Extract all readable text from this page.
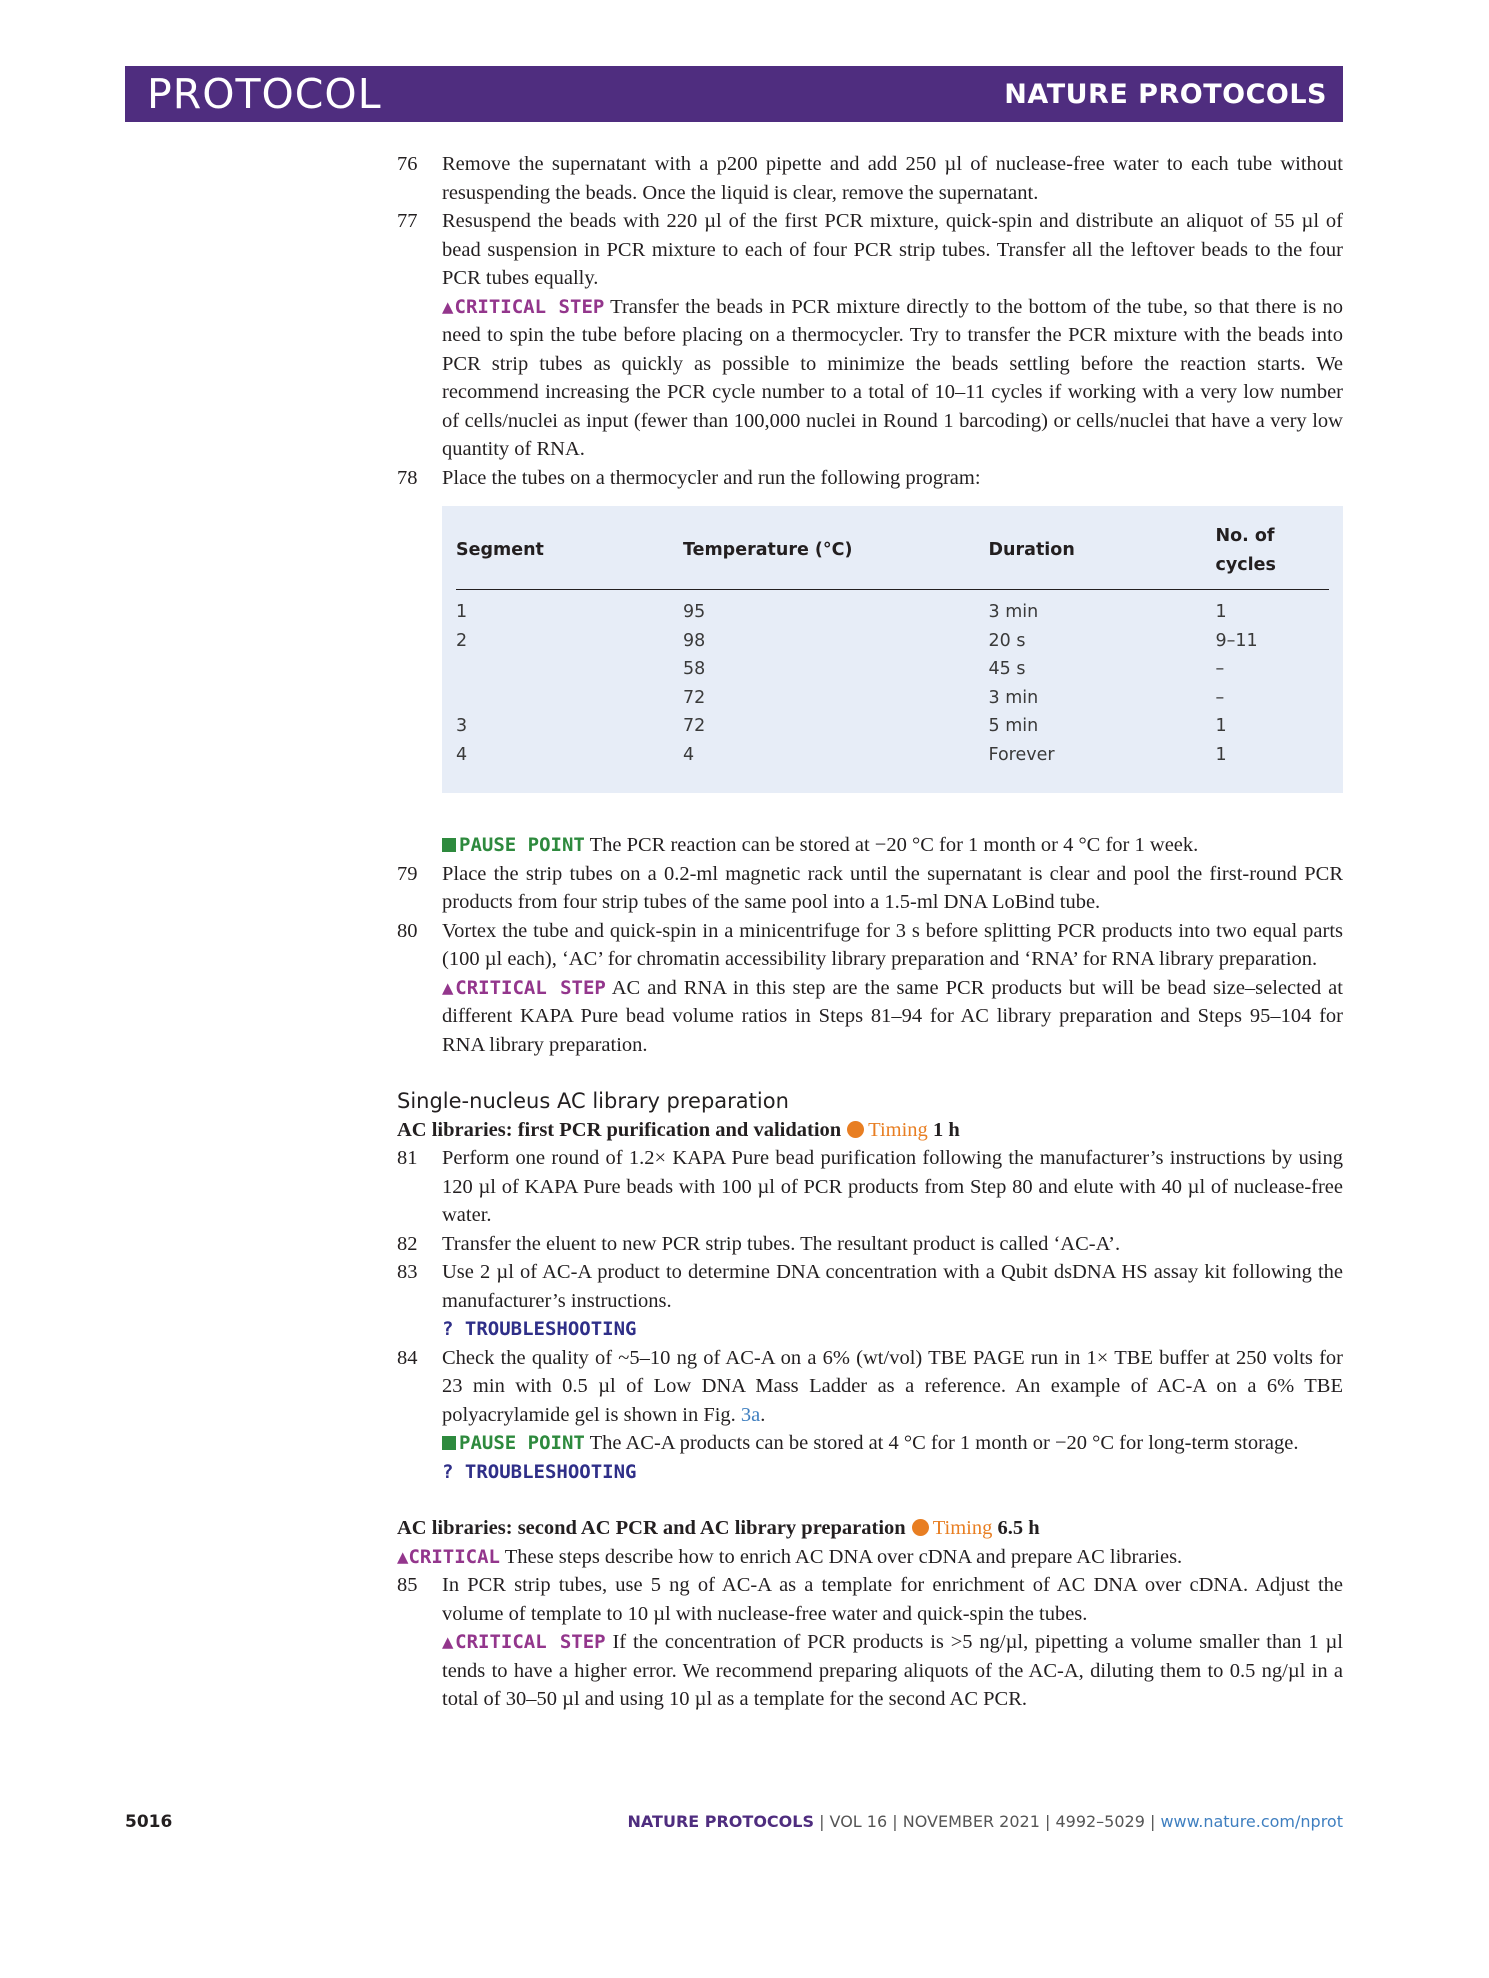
PROTOCOL	NATURE PROTOCOLS
76 Remove the supernatant with a p200 pipette and add 250 µl of nuclease-free water to each tube without resuspending the beads. Once the liquid is clear, remove the supernatant.
77 Resuspend the beads with 220 µl of the first PCR mixture, quick-spin and distribute an aliquot of 55 µl of bead suspension in PCR mixture to each of four PCR strip tubes. Transfer all the leftover beads to the four PCR tubes equally.
▲CRITICAL STEP Transfer the beads in PCR mixture directly to the bottom of the tube, so that there is no need to spin the tube before placing on a thermocycler. Try to transfer the PCR mixture with the beads into PCR strip tubes as quickly as possible to minimize the beads settling before the reaction starts. We recommend increasing the PCR cycle number to a total of 10–11 cycles if working with a very low number of cells/nuclei as input (fewer than 100,000 nuclei in Round 1 barcoding) or cells/nuclei that have a very low quantity of RNA.
78 Place the tubes on a thermocycler and run the following program:
Segment	Temperature (°C)	Duration	No. of cycles
1	95	3 min	1
2	98	20 s	9–11
	58	45 s	–
	72	3 min	–
3	72	5 min	1
4	4	Forever	1
PAUSE POINT The PCR reaction can be stored at −20 °C for 1 month or 4 °C for 1 week.
79 Place the strip tubes on a 0.2-ml magnetic rack until the supernatant is clear and pool the first-round PCR products from four strip tubes of the same pool into a 1.5-ml DNA LoBind tube.
80 Vortex the tube and quick-spin in a minicentrifuge for 3 s before splitting PCR products into two equal parts (100 µl each), ‘AC’ for chromatin accessibility library preparation and ‘RNA’ for RNA library preparation.
▲CRITICAL STEP AC and RNA in this step are the same PCR products but will be bead size–selected at different KAPA Pure bead volume ratios in Steps 81–94 for AC library preparation and Steps 95–104 for RNA library preparation.
Single-nucleus AC library preparation
AC libraries: first PCR purification and validation Timing 1 h
81 Perform one round of 1.2× KAPA Pure bead purification following the manufacturer’s instructions by using 120 µl of KAPA Pure beads with 100 µl of PCR products from Step 80 and elute with 40 µl of nuclease-free water.
82 Transfer the eluent to new PCR strip tubes. The resultant product is called ‘AC-A’.
83 Use 2 µl of AC-A product to determine DNA concentration with a Qubit dsDNA HS assay kit following the manufacturer’s instructions.
? TROUBLESHOOTING
84 Check the quality of ~5–10 ng of AC-A on a 6% (wt/vol) TBE PAGE run in 1× TBE buffer at 250 volts for 23 min with 0.5 µl of Low DNA Mass Ladder as a reference. An example of AC-A on a 6% TBE polyacrylamide gel is shown in Fig. 3a.
PAUSE POINT The AC-A products can be stored at 4 °C for 1 month or −20 °C for long-term storage.
? TROUBLESHOOTING
AC libraries: second AC PCR and AC library preparation Timing 6.5 h
▲CRITICAL These steps describe how to enrich AC DNA over cDNA and prepare AC libraries.
85 In PCR strip tubes, use 5 ng of AC-A as a template for enrichment of AC DNA over cDNA. Adjust the volume of template to 10 µl with nuclease-free water and quick-spin the tubes.
▲CRITICAL STEP If the concentration of PCR products is >5 ng/µl, pipetting a volume smaller than 1 µl tends to have a higher error. We recommend preparing aliquots of the AC-A, diluting them to 0.5 ng/µl in a total of 30–50 µl and using 10 µl as a template for the second AC PCR.
5016	NATURE PROTOCOLS | VOL 16 | NOVEMBER 2021 | 4992–5029 | www.nature.com/nprot
